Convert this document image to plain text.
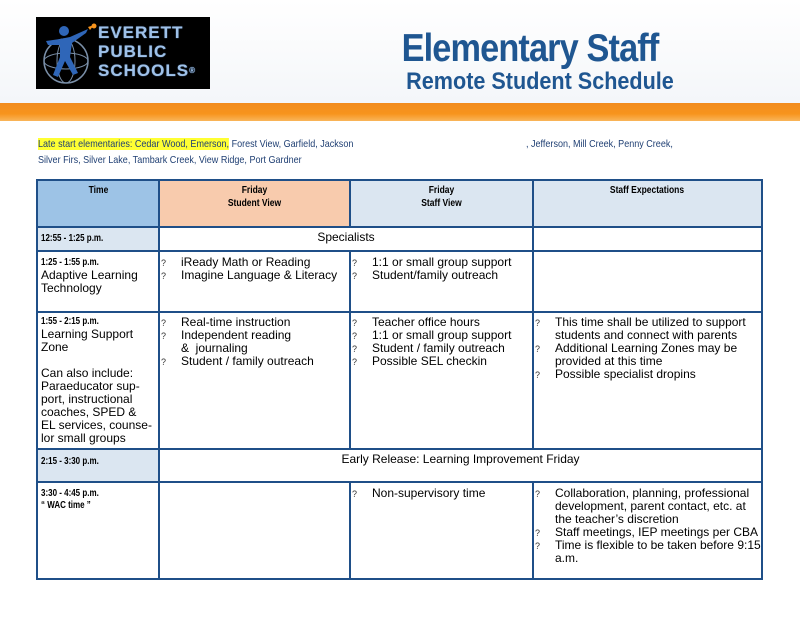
EVERETT
PUBLIC
SCHOOLS®
Elementary Staff
Remote Student Schedule
Late start elementaries: Cedar Wood, Emerson, Forest View, Garfield, Jackson	, Jefferson, Mill Creek, Penny Creek,
Silver Firs, Silver Lake, Tambark Creek, View Ridge, Port Gardner
Time	Friday
Student View
Friday
Staff View
Staff Expectations
12:55 - 1:25 p.m.	Specialists
1:25 - 1:55 p.m.
Adaptive Learning
Technology
? iReady Math or Reading
? Imagine Language & Literacy
? 1:1 or small group support
? Student/family outreach
1:55 - 2:15 p.m.
Learning Support
Zone
Can also include:
Paraeducator sup-
port, instructional
coaches, SPED &
EL services, counse-
lor small groups
? Real-time instruction
? Independent reading &  journaling
? Student / family outreach
? Teacher office hours
? 1:1 or small group support
? Student / family outreach
? Possible SEL checkin
? This time shall be utilized to support students and connect with parents
? Additional Learning Zones may be provided at this time
? Possible specialist dropins
2:15 - 3:30 p.m.	Early Release: Learning Improvement Friday
3:30 - 4:45 p.m.
“ WAC time ”
? Non-supervisory time
?	Collaboration, planning, professional development, parent contact, etc. at the teacher’s discretion
? Staff meetings, IEP meetings per CBA
? Time is flexible to be taken before 9:15 a.m.
